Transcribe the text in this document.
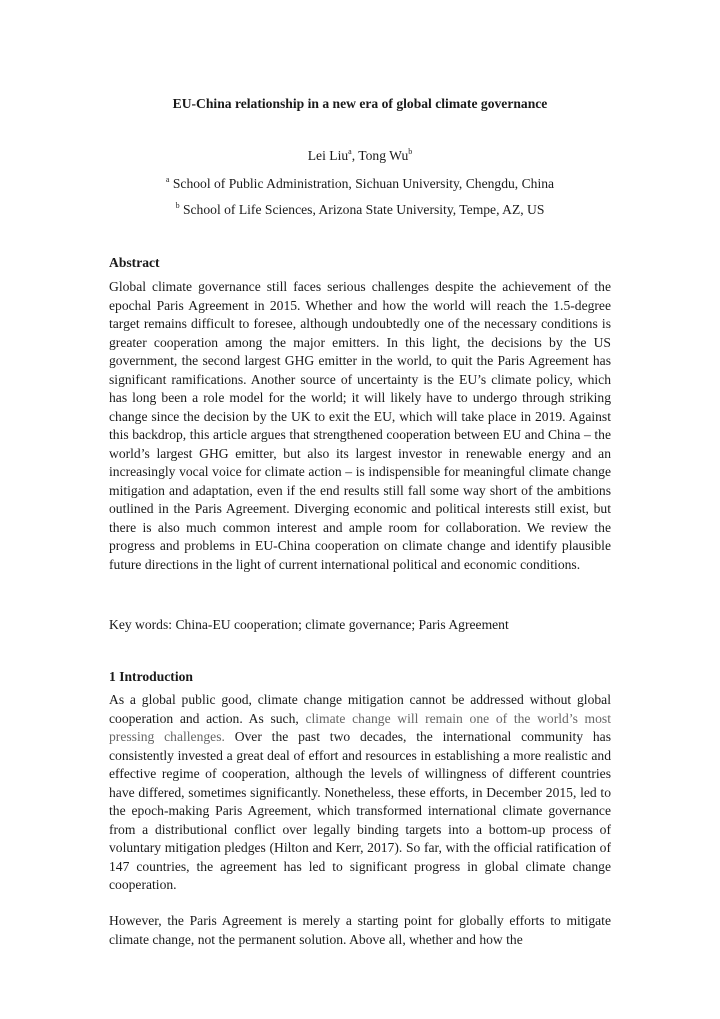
EU-China relationship in a new era of global climate governance
Lei Liu$^a$, Tong Wu$^b$
$^a$ School of Public Administration, Sichuan University, Chengdu, China
$^b$ School of Life Sciences, Arizona State University, Tempe, AZ, US
Abstract

Global climate governance still faces serious challenges despite the achievement of the epochal Paris Agreement in 2015. Whether and how the world will reach the 1.5-degree target remains difficult to foresee, although undoubtedly one of the necessary conditions is greater cooperation among the major emitters. In this light, the decisions by the US government, the second largest GHG emitter in the world, to quit the Paris Agreement has significant ramifications. Another source of uncertainty is the EU’s climate policy, which has long been a role model for the world; it will likely have to undergo through striking change since the decision by the UK to exit the EU, which will take place in 2019. Against this backdrop, this article argues that strengthened cooperation between EU and China – the world’s largest GHG emitter, but also its largest investor in renewable energy and an increasingly vocal voice for climate action – is indispensible for meaningful climate change mitigation and adaptation, even if the end results still fall some way short of the ambitions outlined in the Paris Agreement. Diverging economic and political interests still exist, but there is also much common interest and ample room for collaboration. We review the progress and problems in EU-China cooperation on climate change and identify plausible future directions in the light of current international political and economic conditions.

Key words: China-EU cooperation; climate governance; Paris Agreement

1 Introduction

As a global public good, climate change mitigation cannot be addressed without global cooperation and action. As such, climate change will remain one of the world’s most pressing challenges. Over the past two decades, the international community has consistently invested a great deal of effort and resources in establishing a more realistic and effective regime of cooperation, although the levels of willingness of different countries have differed, sometimes significantly. Nonetheless, these efforts, in December 2015, led to the epoch-making Paris Agreement, which transformed international climate governance from a distributional conflict over legally binding targets into a bottom-up process of voluntary mitigation pledges (Hilton and Kerr, 2017). So far, with the official ratification of 147 countries, the agreement has led to significant progress in global climate change cooperation.

However, the Paris Agreement is merely a starting point for globally efforts to mitigate climate change, not the permanent solution. Above all, whether and how the
